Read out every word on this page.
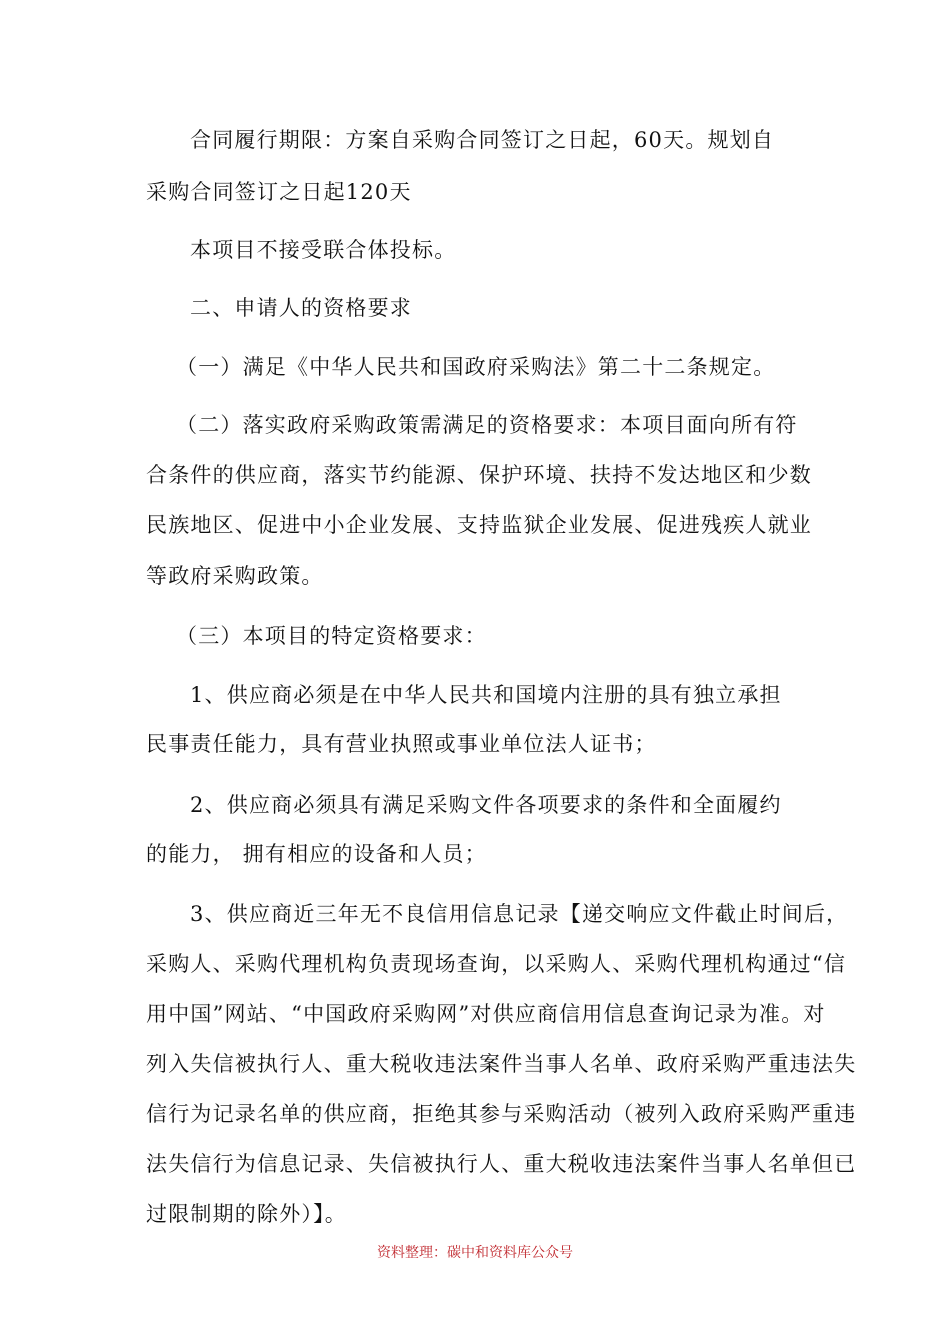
合同履行期限：方案自采购合同签订之日起，60天。规划自
采购合同签订之日起120天
本项目不接受联合体投标。
二、申请人的资格要求
（一）满足《中华人民共和国政府采购法》第二十二条规定。
（二）落实政府采购政策需满足的资格要求：本项目面向所有符
合条件的供应商，落实节约能源、保护环境、扶持不发达地区和少数
民族地区、促进中小企业发展、支持监狱企业发展、促进残疾人就业
等政府采购政策。
（三）本项目的特定资格要求：
1、供应商必须是在中华人民共和国境内注册的具有独立承担
民事责任能力，具有营业执照或事业单位法人证书；
2、供应商必须具有满足采购文件各项要求的条件和全面履约
的能力， 拥有相应的设备和人员；
3、供应商近三年无不良信用信息记录【递交响应文件截止时间后，
采购人、采购代理机构负责现场查询，以采购人、采购代理机构通过“信
用中国”网站、“中国政府采购网”对供应商信用信息查询记录为准。对
列入失信被执行人、重大税收违法案件当事人名单、政府采购严重违法失
信行为记录名单的供应商，拒绝其参与采购活动（被列入政府采购严重违
法失信行为信息记录、失信被执行人、重大税收违法案件当事人名单但已
过限制期的除外）】。
资料整理：碳中和资料库公众号
